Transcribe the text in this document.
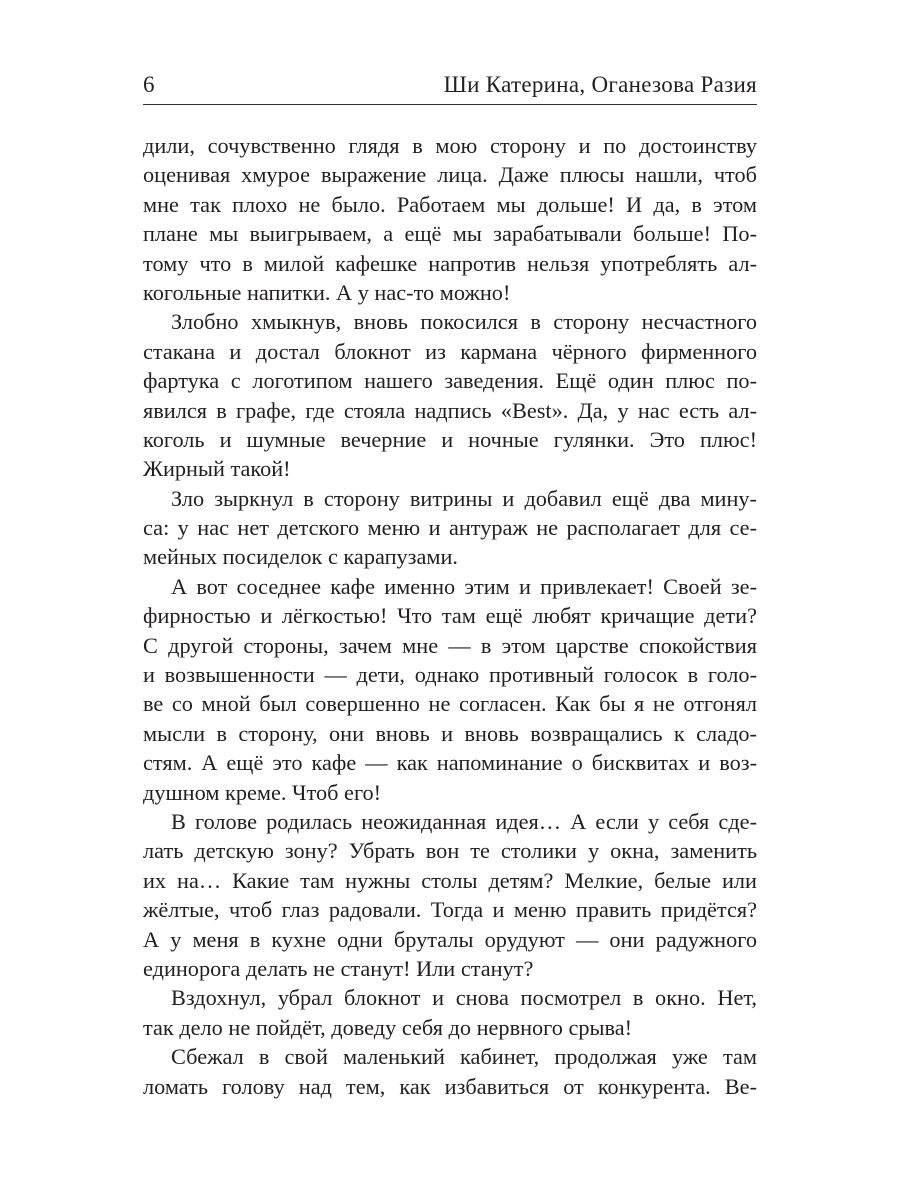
6	Ши Катерина, Оганезова Разия
дили, сочувственно глядя в мою сторону и по достоинству
оценивая хмурое выражение лица. Даже плюсы нашли, чтоб
мне так плохо не было. Работаем мы дольше! И да, в этом
плане мы выигрываем, а ещё мы зарабатывали больше! По-
тому что в милой кафешке напротив нельзя употреблять ал-
когольные напитки. А у нас-то можно!
Злобно хмыкнув, вновь покосился в сторону несчастного
стакана и достал блокнот из кармана чёрного фирменного
фартука с логотипом нашего заведения. Ещё один плюс по-
явился в графе, где стояла надпись «Best». Да, у нас есть ал-
коголь и шумные вечерние и ночные гулянки. Это плюс!
Жирный такой!
Зло зыркнул в сторону витрины и добавил ещё два мину-
са: у нас нет детского меню и антураж не располагает для се-
мейных посиделок с карапузами.
А вот соседнее кафе именно этим и привлекает! Своей зе-
фирностью и лёгкостью! Что там ещё любят кричащие дети?
С другой стороны, зачем мне — в этом царстве спокойствия
и возвышенности — дети, однако противный голосок в голо-
ве со мной был совершенно не согласен. Как бы я не отгонял
мысли в сторону, они вновь и вновь возвращались к сладо-
стям. А ещё это кафе — как напоминание о бисквитах и воз-
душном креме. Чтоб его!
В голове родилась неожиданная идея… А если у себя сде-
лать детскую зону? Убрать вон те столики у окна, заменить
их на… Какие там нужны столы детям? Мелкие, белые или
жёлтые, чтоб глаз радовали. Тогда и меню править придётся?
А у меня в кухне одни бруталы орудуют — они радужного
единорога делать не станут! Или станут?
Вздохнул, убрал блокнот и снова посмотрел в окно. Нет,
так дело не пойдёт, доведу себя до нервного срыва!
Сбежал в свой маленький кабинет, продолжая уже там
ломать голову над тем, как избавиться от конкурента. Ве-
